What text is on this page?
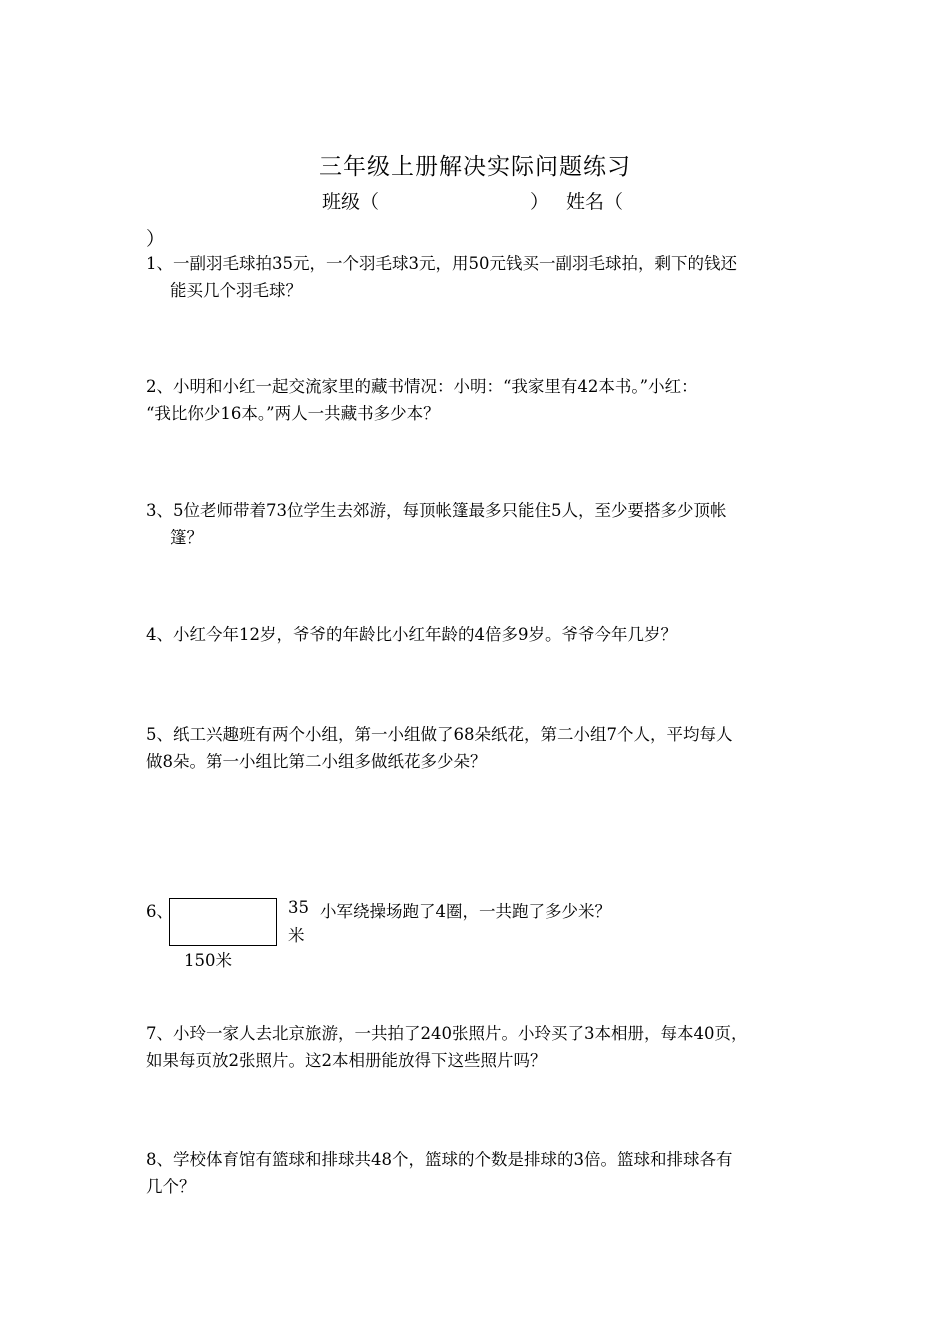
三年级上册解决实际问题练习
班级（	） 姓名（
）
1、一副羽毛球拍35元，一个羽毛球3元，用50元钱买一副羽毛球拍，剩下的钱还
能买几个羽毛球？
2、小明和小红一起交流家里的藏书情况：小明：“我家里有42本书。”小红：
“我比你少16本。”两人一共藏书多少本？
3、5位老师带着73位学生去郊游，每顶帐篷最多只能住5人，至少要搭多少顶帐
篷？
4、小红今年12岁，爷爷的年龄比小红年龄的4倍多9岁。爷爷今年几岁？
5、纸工兴趣班有两个小组，第一小组做了68朵纸花，第二小组7个人，平均每人
做8朵。第一小组比第二小组多做纸花多少朵？
6、	35
米
150米
小军绕操场跑了4圈，一共跑了多少米？
7、小玲一家人去北京旅游，一共拍了240张照片。小玲买了3本相册，每本40页，
如果每页放2张照片。这2本相册能放得下这些照片吗？
8、学校体育馆有篮球和排球共48个，篮球的个数是排球的3倍。篮球和排球各有
几个？
